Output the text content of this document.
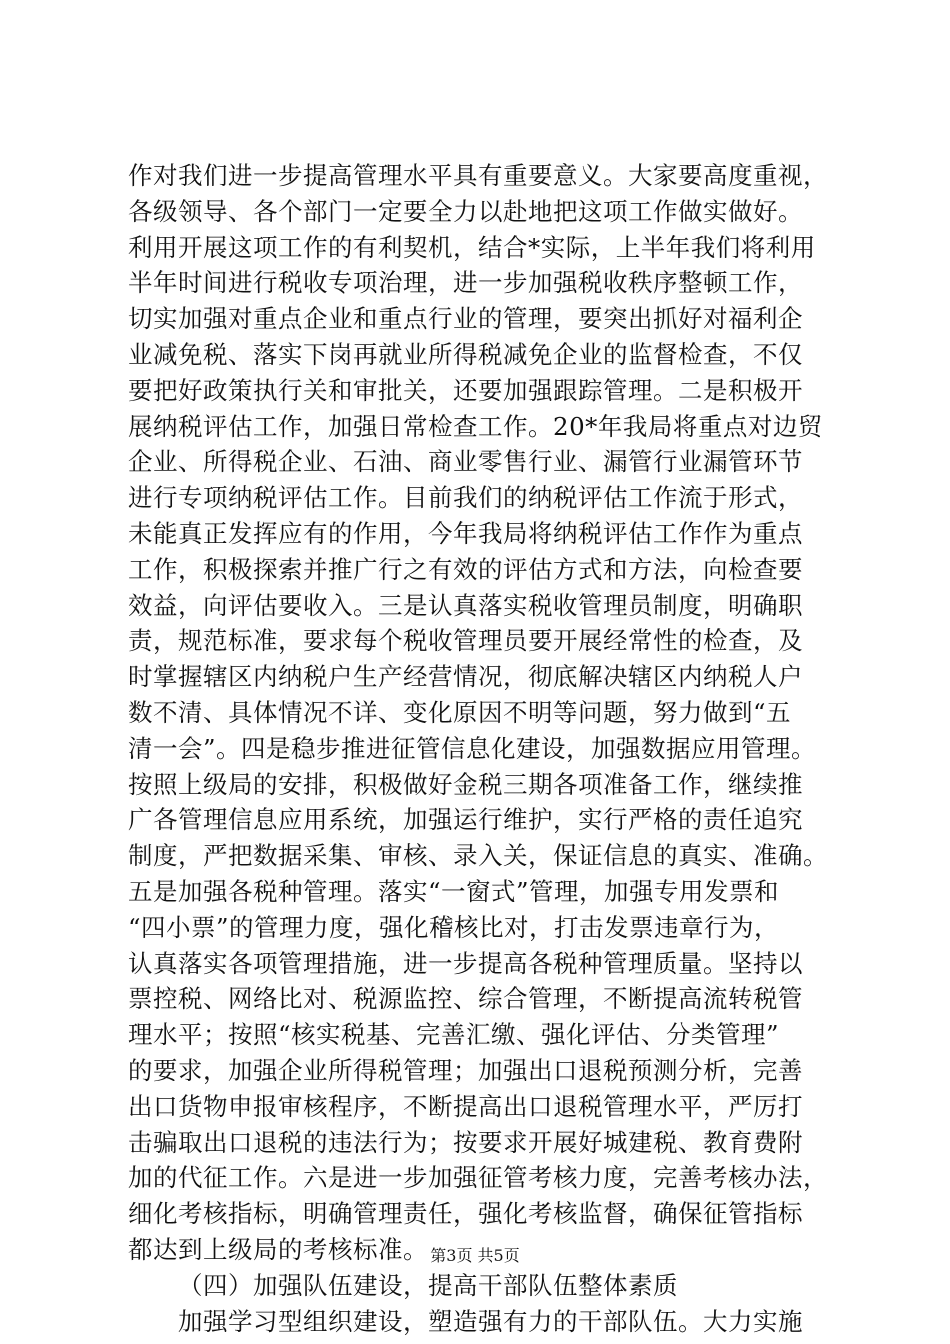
作对我们进一步提高管理水平具有重要意义。大家要高度重视，
各级领导、各个部门一定要全力以赴地把这项工作做实做好。
利用开展这项工作的有利契机，结合*实际，上半年我们将利用
半年时间进行税收专项治理，进一步加强税收秩序整顿工作，
切实加强对重点企业和重点行业的管理，要突出抓好对福利企
业减免税、落实下岗再就业所得税减免企业的监督检查，不仅
要把好政策执行关和审批关，还要加强跟踪管理。二是积极开
展纳税评估工作，加强日常检查工作。20*年我局将重点对边贸
企业、所得税企业、石油、商业零售行业、漏管行业漏管环节
进行专项纳税评估工作。目前我们的纳税评估工作流于形式，
未能真正发挥应有的作用，今年我局将纳税评估工作作为重点
工作，积极探索并推广行之有效的评估方式和方法，向检查要
效益，向评估要收入。三是认真落实税收管理员制度，明确职
责，规范标准，要求每个税收管理员要开展经常性的检查，及
时掌握辖区内纳税户生产经营情况，彻底解决辖区内纳税人户
数不清、具体情况不详、变化原因不明等问题，努力做到“五
清一会”。四是稳步推进征管信息化建设，加强数据应用管理。
按照上级局的安排，积极做好金税三期各项准备工作，继续推
广各管理信息应用系统，加强运行维护，实行严格的责任追究
制度，严把数据采集、审核、录入关，保证信息的真实、准确。
五是加强各税种管理。落实“一窗式”管理，加强专用发票和
“四小票”的管理力度，强化稽核比对，打击发票违章行为，
认真落实各项管理措施，进一步提高各税种管理质量。坚持以
票控税、网络比对、税源监控、综合管理，不断提高流转税管
理水平；按照“核实税基、完善汇缴、强化评估、分类管理”
的要求，加强企业所得税管理；加强出口退税预测分析，完善
出口货物申报审核程序，不断提高出口退税管理水平，严厉打
击骗取出口退税的违法行为；按要求开展好城建税、教育费附
加的代征工作。六是进一步加强征管考核力度，完善考核办法，
细化考核指标，明确管理责任，强化考核监督，确保征管指标
都达到上级局的考核标准。
（四）加强队伍建设，提高干部队伍整体素质
加强学习型组织建设，塑造强有力的干部队伍。大力实施
第3页 共5页
